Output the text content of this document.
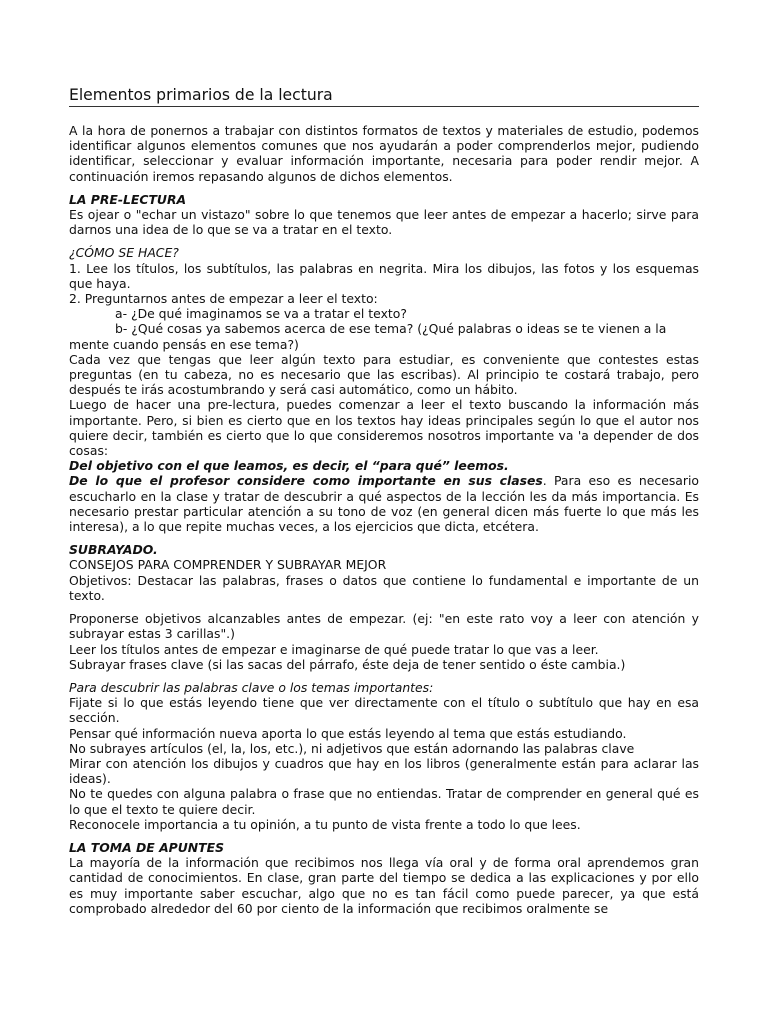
Elementos primarios de la lectura

A la hora de ponernos a trabajar con distintos formatos de textos y materiales de estudio, podemos identificar algunos elementos comunes que nos ayudarán a poder comprenderlos mejor, pudiendo identificar, seleccionar y evaluar información importante, necesaria para poder rendir mejor. A continuación iremos repasando algunos de dichos elementos.

LA PRE-LECTURA

Es ojear o "echar un vistazo" sobre lo que tenemos que leer antes de empezar a hacerlo; sirve para darnos una idea de lo que se va a tratar en el texto.

¿CÓMO SE HACE?

1. Lee los títulos, los subtítulos, las palabras en negrita. Mira los dibujos, las fotos y los esquemas que haya.

2. Preguntarnos antes de empezar a leer el texto:

a- ¿De qué imaginamos se va a tratar el texto?

b- ¿Qué cosas ya sabemos acerca de ese tema? (¿Qué palabras o ideas se te vienen a la

mente cuando pensás en ese tema?)

Cada vez que tengas que leer algún texto para estudiar, es conveniente que contestes estas preguntas (en tu cabeza, no es necesario que las escribas). Al principio te costará trabajo, pero después te irás acostumbrando y será casi automático, como un hábito.

Luego de hacer una pre-lectura, puedes comenzar a leer el texto buscando la información más importante. Pero, si bien es cierto que en los textos hay ideas principales según lo que el autor nos quiere decir, también es cierto que lo que consideremos nosotros importante va 'a depender de dos cosas:

Del objetivo con el que leamos, es decir, el “para qué” leemos.

De lo que el profesor considere como importante en sus clases. Para eso es necesario escucharlo en la clase y tratar de descubrir a qué aspectos de la lección les da más importancia. Es necesario prestar particular atención a su tono de voz (en general dicen más fuerte lo que más les interesa), a lo que repite muchas veces, a los ejercicios que dicta, etcétera.

SUBRAYADO.

CONSEJOS PARA COMPRENDER Y SUBRAYAR MEJOR

Objetivos: Destacar las palabras, frases o datos que contiene lo fundamental e importante de un texto.

Proponerse objetivos alcanzables antes de empezar. (ej: "en este rato voy a leer con atención y subrayar estas 3 carillas".)

Leer los títulos antes de empezar e imaginarse de qué puede tratar lo que vas a leer.

Subrayar frases clave (si las sacas del párrafo, éste deja de tener sentido o éste cambia.)

Para descubrir las palabras clave o los temas importantes:

Fijate si lo que estás leyendo tiene que ver directamente con el título o subtítulo que hay en esa sección.

Pensar qué información nueva aporta lo que estás leyendo al tema que estás estudiando.

No subrayes artículos (el, la, los, etc.), ni adjetivos que están adornando las palabras clave

Mirar con atención los dibujos y cuadros que hay en los libros (generalmente están para aclarar las ideas).

No te quedes con alguna palabra o frase que no entiendas. Tratar de comprender en general qué es lo que el texto te quiere decir.

Reconocele importancia a tu opinión, a tu punto de vista frente a todo lo que lees.

LA TOMA DE APUNTES

La mayoría de la información que recibimos nos llega vía oral y de forma oral aprendemos gran cantidad de conocimientos. En clase, gran parte del tiempo se dedica a las explicaciones y por ello es muy importante saber escuchar, algo que no es tan fácil como puede parecer, ya que está comprobado alrededor del 60 por ciento de la información que recibimos oralmente se
